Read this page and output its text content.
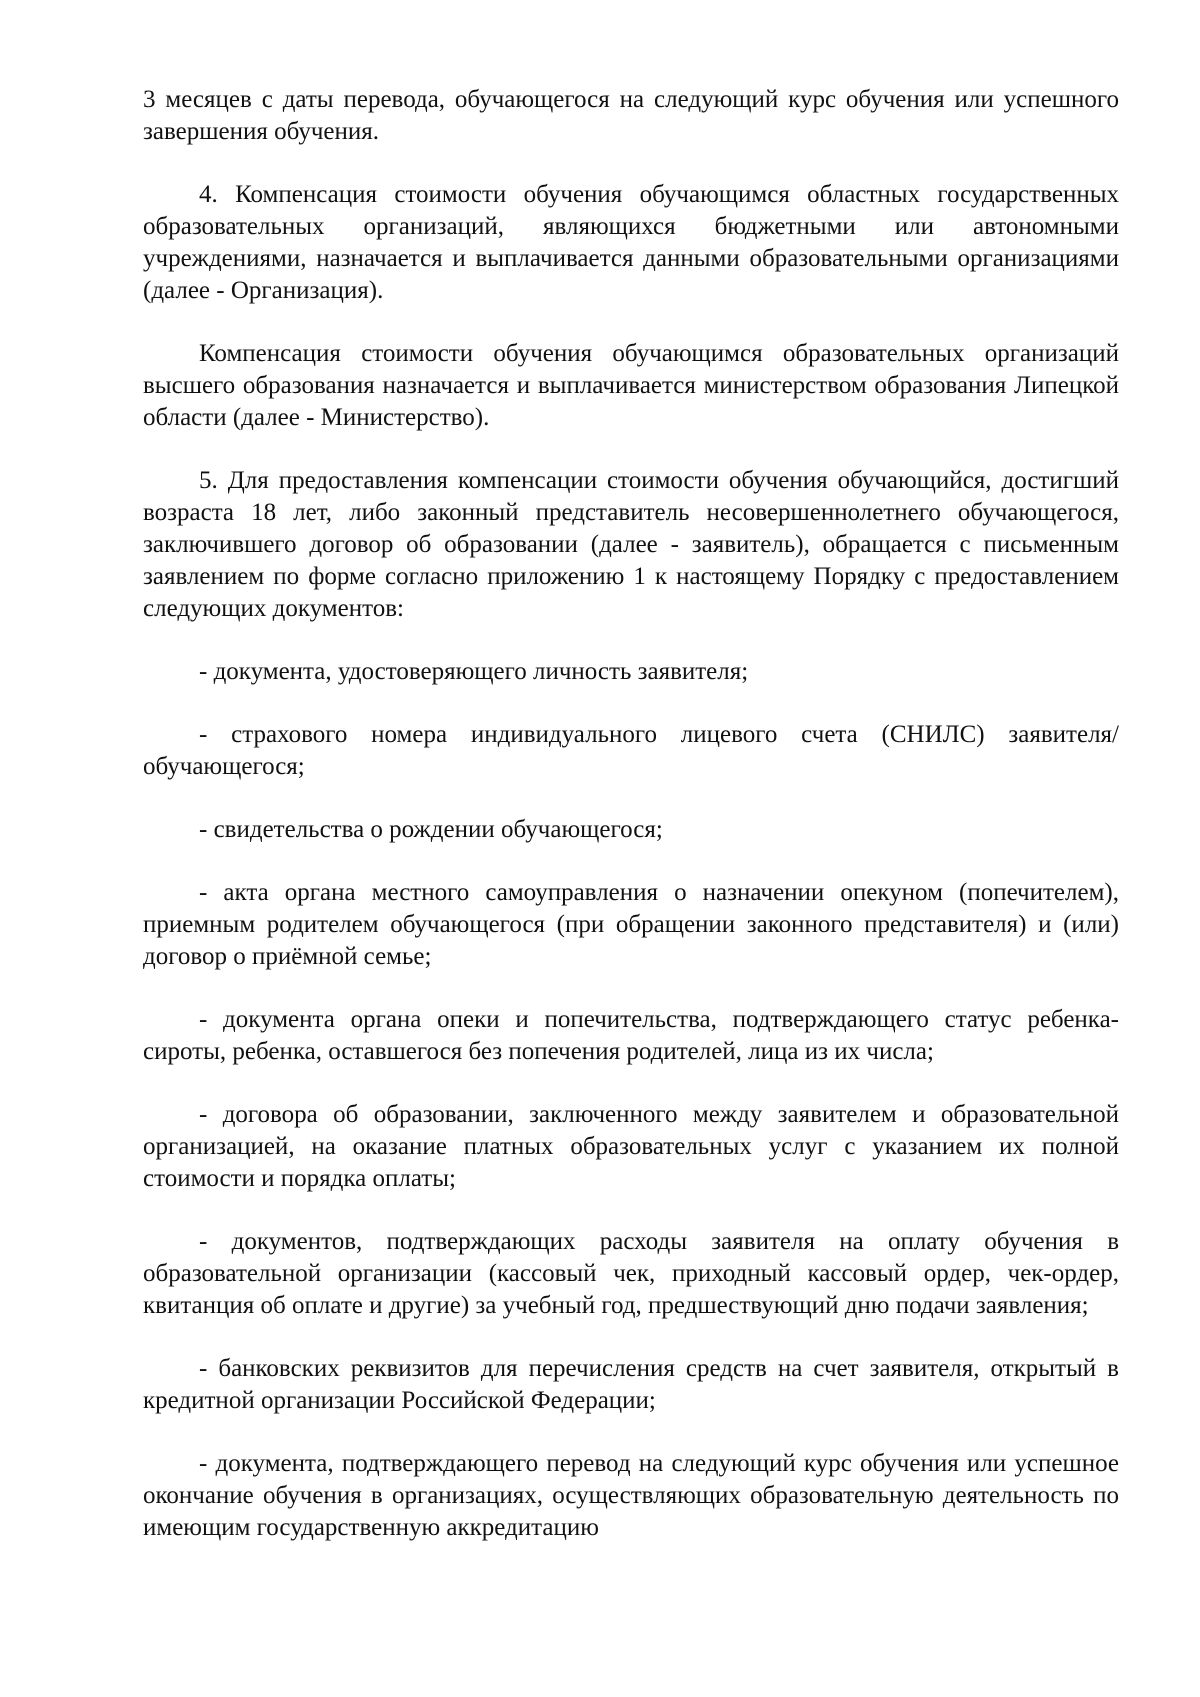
3 месяцев с даты перевода, обучающегося на следующий курс обучения или успешного завершения обучения.

4. Компенсация стоимости обучения обучающимся областных государственных образовательных организаций, являющихся бюджетными или автономными учреждениями, назначается и выплачивается данными образовательными организациями (далее - Организация).

Компенсация стоимости обучения обучающимся образовательных организаций высшего образования назначается и выплачивается министерством образования Липецкой области (далее - Министерство).

5. Для предоставления компенсации стоимости обучения обучающийся, достигший возраста 18 лет, либо законный представитель несовершеннолетнего обучающегося, заключившего договор об образовании (далее - заявитель), обращается с письменным заявлением по форме согласно приложению 1 к настоящему Порядку с предоставлением следующих документов:

- документа, удостоверяющего личность заявителя;

- страхового номера индивидуального лицевого счета (СНИЛС) заявителя/обучающегося;

- свидетельства о рождении обучающегося;

- акта органа местного самоуправления о назначении опекуном (попечителем), приемным родителем обучающегося (при обращении законного представителя) и (или) договор о приёмной семье;

- документа органа опеки и попечительства, подтверждающего статус ребенка-сироты, ребенка, оставшегося без попечения родителей, лица из их числа;

- договора об образовании, заключенного между заявителем и образовательной организацией, на оказание платных образовательных услуг с указанием их полной стоимости и порядка оплаты;

- документов, подтверждающих расходы заявителя на оплату обучения в образовательной организации (кассовый чек, приходный кассовый ордер, чек-ордер, квитанция об оплате и другие) за учебный год, предшествующий дню подачи заявления;

- банковских реквизитов для перечисления средств на счет заявителя, открытый в кредитной организации Российской Федерации;

- документа, подтверждающего перевод на следующий курс обучения или успешное окончание обучения в организациях, осуществляющих образовательную деятельность по имеющим государственную аккредитацию
